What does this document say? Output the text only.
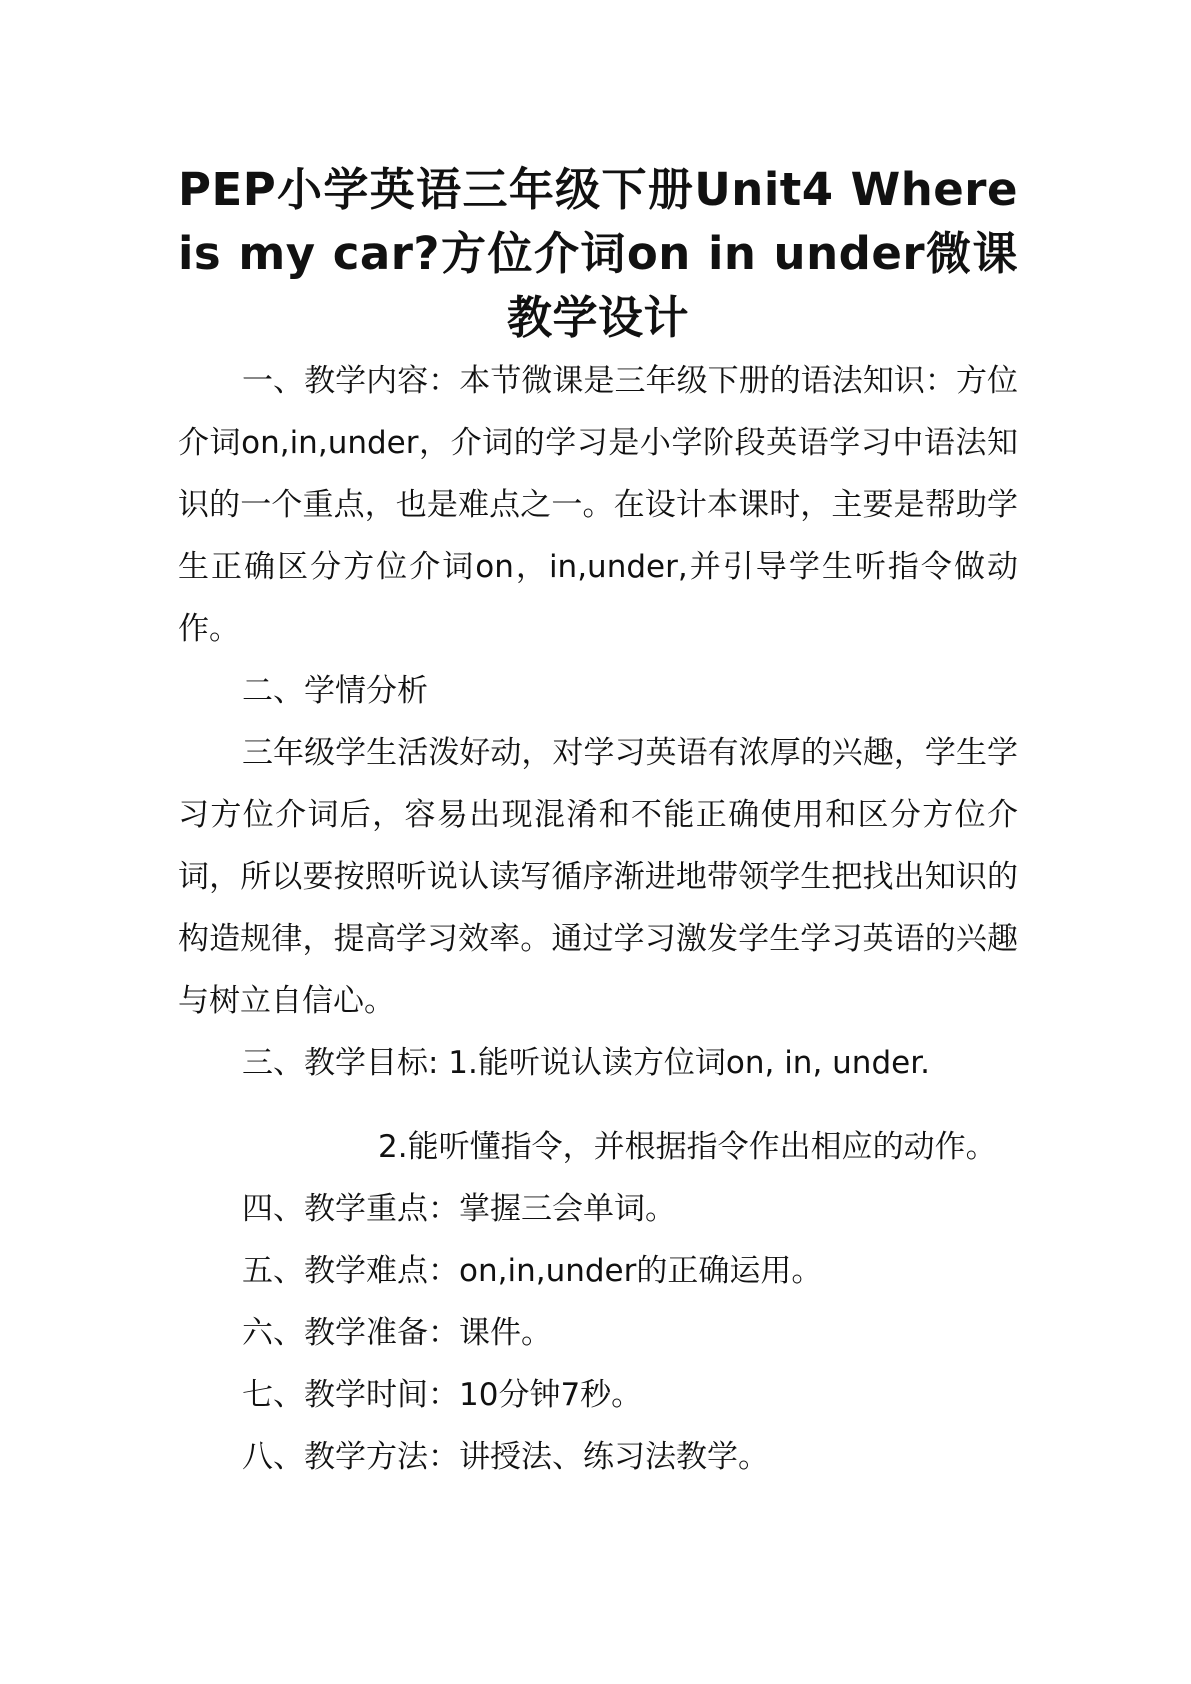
PEP小学英语三年级下册Unit4 Where is my car?方位介词on in under微课教学设计

一、教学内容：本节微课是三年级下册的语法知识：方位介词on,in,under，介词的学习是小学阶段英语学习中语法知识的一个重点，也是难点之一。在设计本课时，主要是帮助学生正确区分方位介词on，in,under,并引导学生听指令做动作。

二、学情分析

三年级学生活泼好动，对学习英语有浓厚的兴趣，学生学习方位介词后，容易出现混淆和不能正确使用和区分方位介词，所以要按照听说认读写循序渐进地带领学生把找出知识的构造规律，提高学习效率。通过学习激发学生学习英语的兴趣与树立自信心。

三、教学目标: 1.能听说认读方位词on, in, under.

2.能听懂指令，并根据指令作出相应的动作。

四、教学重点：掌握三会单词。

五、教学难点：on,in,under的正确运用。

六、教学准备：课件。

七、教学时间：10分钟7秒。

八、教学方法：讲授法、练习法教学。
